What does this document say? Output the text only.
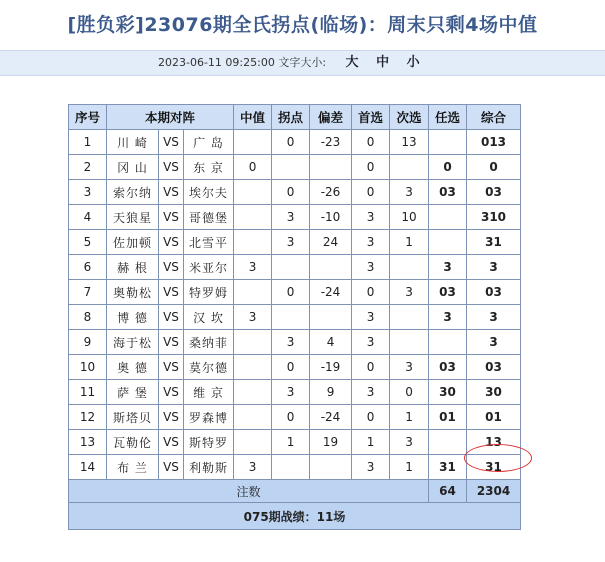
[胜负彩]23076期全氏拐点(临场)：周末只剩4场中值
2023-06-11 09:25:00 文字大小: 大 中 小
序号	本期对阵			中值	拐点	偏差	首选	次选	任选	综合
1	川 崎	VS	广 岛		0	-23	0	13		013
2	冈 山	VS	东 京	0			0		0	0
3	索尔纳	VS	埃尔夫		0	-26	0	3	03	03
4	天狼星	VS	哥德堡		3	-10	3	10		310
5	佐加顿	VS	北雪平		3	24	3	1		31
6	赫 根	VS	米亚尔	3			3		3	3
7	奥勒松	VS	特罗姆		0	-24	0	3	03	03
8	博 德	VS	汉 坎	3			3		3	3
9	海于松	VS	桑纳菲		3	4	3			3
10	奥 德	VS	莫尔德		0	-19	0	3	03	03
11	萨 堡	VS	维 京		3	9	3	0	30	30
12	斯塔贝	VS	罗森博		0	-24	0	1	01	01
13	瓦勒伦	VS	斯特罗		1	19	1	3		13
14	布 兰	VS	利勒斯	3			3	1	31	31
注数									64	2304
075期战绩：11场										
